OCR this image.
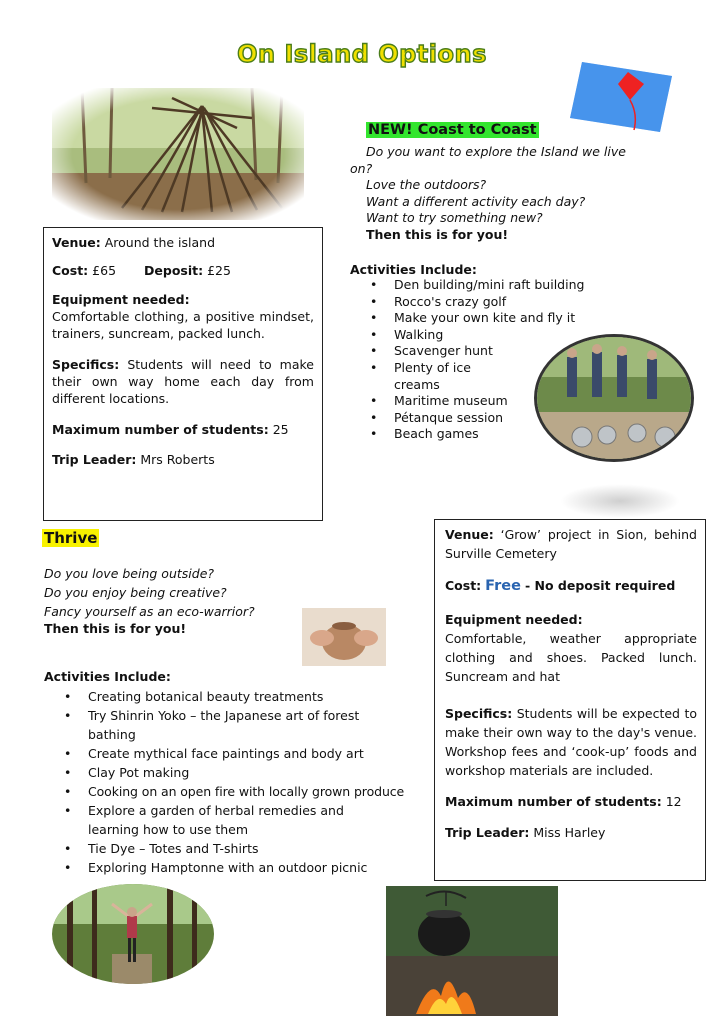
On Island Options
NEW! Coast to Coast
Do you want to explore the Island we live on?
Love the outdoors?
Want a different activity each day?
Want to try something new?
Then this is for you!
Activities Include:
• Den building/mini raft building
• Rocco's crazy golf
• Make your own kite and fly it
• Walking
• Scavenger hunt
• Plenty of ice creams
• Maritime museum
• Pétanque session
• Beach games

Venue: Around the island

Cost: £65 Deposit: £25

Equipment needed:

Comfortable clothing, a positive mindset, trainers, suncream, packed lunch.

Specifics: Students will need to make their own way home each day from different locations.

Maximum number of students: 25

Trip Leader: Mrs Roberts

Thrive
Do you love being outside?
Do you enjoy being creative?
Fancy yourself as an eco-warrior?
Then this is for you!
Activities Include:
• Creating botanical beauty treatments
• Try Shinrin Yoko – the Japanese art of forest bathing
• Create mythical face paintings and body art
• Clay Pot making
• Cooking on an open fire with locally grown produce
• Explore a garden of herbal remedies and learning how to use them
• Tie Dye – Totes and T-shirts
• Exploring Hamptonne with an outdoor picnic

Venue: ‘Grow’ project in Sion, behind Surville Cemetery

Cost: Free - No deposit required

Equipment needed:

Comfortable, weather appropriate clothing and shoes. Packed lunch. Suncream and hat

Specifics: Students will be expected to make their own way to the day's venue. Workshop fees and ‘cook-up’ foods and workshop materials are included.

Maximum number of students: 12

Trip Leader: Miss Harley
